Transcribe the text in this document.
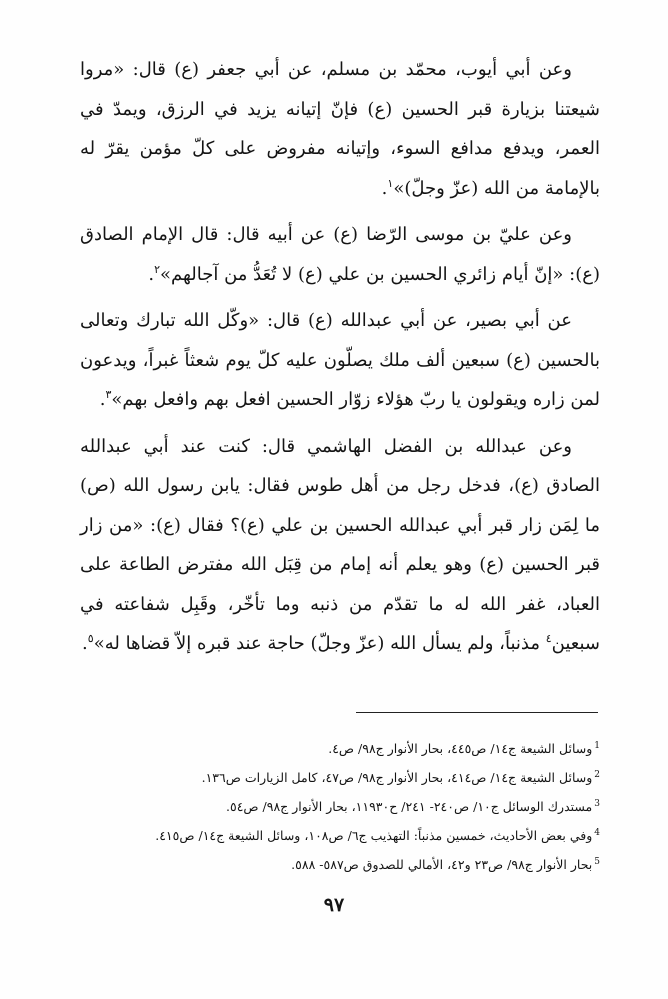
وعن أبي أيوب، محمّد بن مسلم، عن أبي جعفر (ع) قال: «مروا شيعتنا بزيارة قبر الحسين (ع) فإنّ إتيانه يزيد في الرزق، ويمدّ في العمر، ويدفع مدافع السوء، وإتيانه مفروض على كلّ مؤمن يقرّ له بالإمامة من الله (عزّ وجلّ)»$^١$.

وعن عليّ بن موسى الرّضا (ع) عن أبيه قال: قال الإمام الصادق (ع): «إنّ أيام زائري الحسين بن علي (ع) لا تُعَدُّ من آجالهم»$^٢$.

عن أبي بصير، عن أبي عبدالله (ع) قال: «وكّل الله تبارك وتعالى بالحسين (ع) سبعين ألف ملك يصلّون عليه كلّ يوم شعثاً غبراً، ويدعون لمن زاره ويقولون يا ربّ هؤلاء زوّار الحسين افعل بهم وافعل بهم»$^٣$.

وعن عبدالله بن الفضل الهاشمي قال: كنت عند أبي عبدالله الصادق (ع)، فدخل رجل من أهل طوس فقال: يابن رسول الله (ص) ما لِمَن زار قبر أبي عبدالله الحسين بن علي (ع)؟ فقال (ع): «من زار قبر الحسين (ع) وهو يعلم أنه إمام من قِبَل الله مفترض الطاعة على العباد، غفر الله له ما تقدّم من ذنبه وما تأخّر، وقَبِل شفاعته في سبعين$^٤$ مذنباً، ولم يسأل الله (عزّ وجلّ) حاجة عند قبره إلاّ قضاها له»$^٥$.

$^1$وسائل الشيعة ج١٤/ ص٤٤٥، بحار الأنوار ج٩٨/ ص٤.
$^2$وسائل الشيعة ج١٤/ ص٤١٤، بحار الأنوار ج٩٨/ ص٤٧، كامل الزيارات ص١٣٦.
$^3$مستدرك الوسائل ج١٠/ ص٢٤٠- ٢٤١/ ح١١٩٣٠، بحار الأنوار ج٩٨/ ص٥٤.
$^4$وفي بعض الأحاديث، خمسين مذنباً: التهذيب ج٦/ ص١٠٨، وسائل الشيعة ج١٤/ ص٤١٥.
$^5$بحار الأنوار ج٩٨/ ص٢٣ و٤٢، الأمالي للصدوق ص٥٨٧- ٥٨٨.
٩٧
